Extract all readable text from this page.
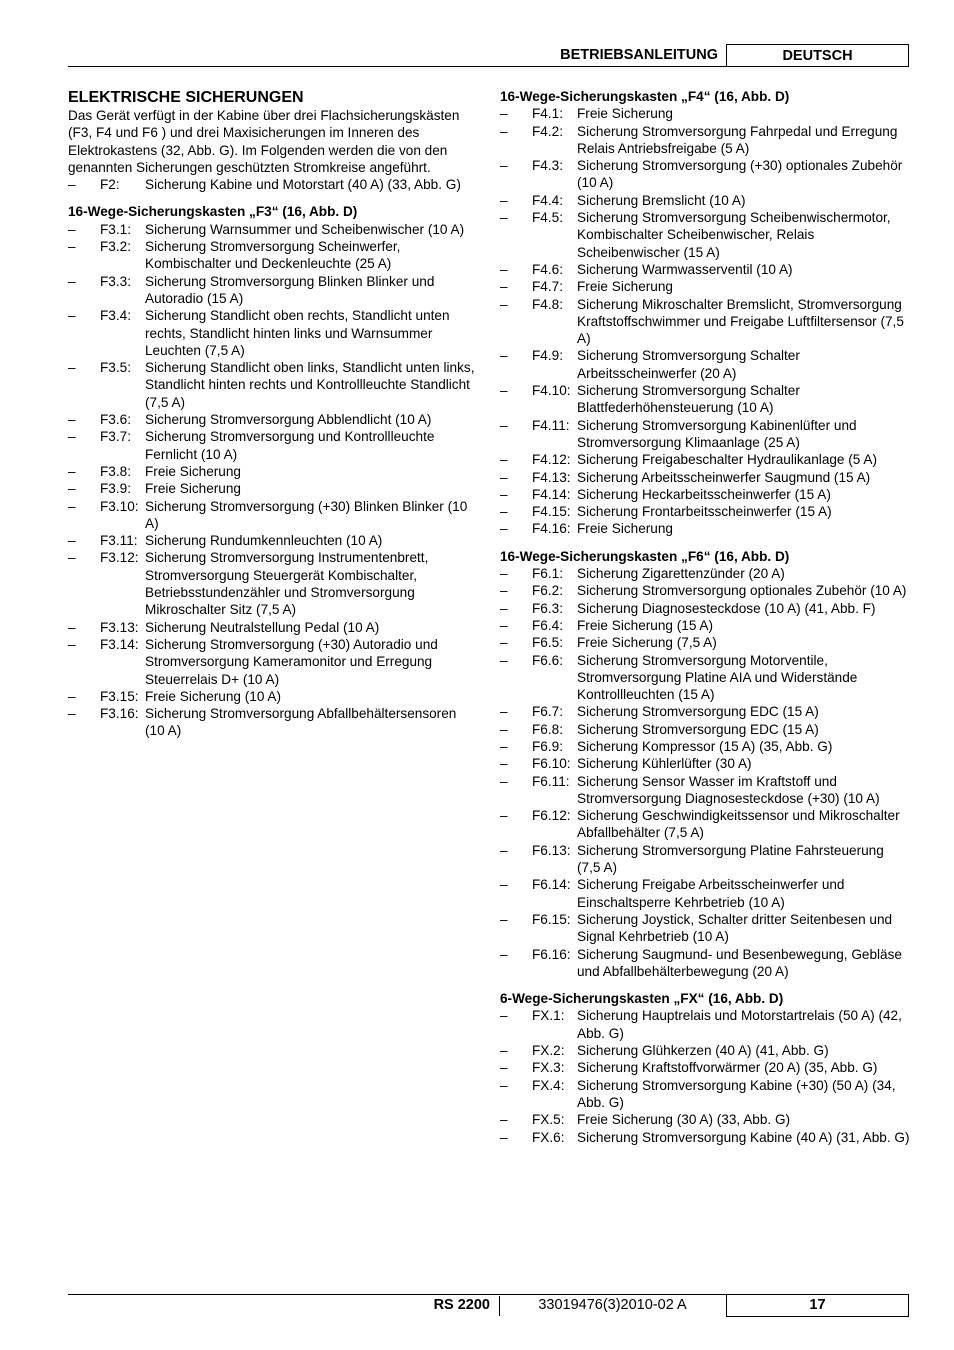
BETRIEBSANLEITUNG	DEUTSCH
ELEKTRISCHE SICHERUNGEN

Das Gerät verfügt in der Kabine über drei Flachsicherungskästen (F3, F4 und F6 ) und drei Maxisicherungen im Inneren des Elektrokastens (32, Abb. G). Im Folgenden werden die von den genannten Sicherungen geschützten Stromkreise angeführt.

– F2: Sicherung Kabine und Motorstart (40 A) (33, Abb. G)
16-Wege-Sicherungskasten „F3“ (16, Abb. D)
– F3.1: Sicherung Warnsummer und Scheibenwischer (10 A)
– F3.2: Sicherung Stromversorgung Scheinwerfer, Kombischalter und Deckenleuchte (25 A)
– F3.3: Sicherung Stromversorgung Blinken Blinker und Autoradio (15 A)
– F3.4: Sicherung Standlicht oben rechts, Standlicht unten rechts, Standlicht hinten links und Warnsummer Leuchten (7,5 A)
– F3.5: Sicherung Standlicht oben links, Standlicht unten links, Standlicht hinten rechts und Kontrollleuchte Standlicht (7,5 A)
– F3.6: Sicherung Stromversorgung Abblendlicht (10 A)
– F3.7: Sicherung Stromversorgung und Kontrollleuchte Fernlicht (10 A)
– F3.8: Freie Sicherung
– F3.9: Freie Sicherung
– F3.10: Sicherung Stromversorgung (+30) Blinken Blinker (10 A)
– F3.11: Sicherung Rundumkennleuchten (10 A)
– F3.12: Sicherung Stromversorgung Instrumentenbrett, Stromversorgung Steuergerät Kombischalter, Betriebsstundenzähler und Stromversorgung Mikroschalter Sitz (7,5 A)
– F3.13: Sicherung Neutralstellung Pedal (10 A)
– F3.14: Sicherung Stromversorgung (+30) Autoradio und Stromversorgung Kameramonitor und Erregung Steuerrelais D+ (10 A)
– F3.15: Freie Sicherung (10 A)
– F3.16: Sicherung Stromversorgung Abfallbehältersensoren (10 A)
16-Wege-Sicherungskasten „F4“ (16, Abb. D)
– F4.1: Freie Sicherung
– F4.2: Sicherung Stromversorgung Fahrpedal und Erregung Relais Antriebsfreigabe (5 A)
– F4.3: Sicherung Stromversorgung (+30) optionales Zubehör (10 A)
– F4.4: Sicherung Bremslicht (10 A)
– F4.5: Sicherung Stromversorgung Scheibenwischermotor, Kombischalter Scheibenwischer, Relais Scheibenwischer (15 A)
– F4.6: Sicherung Warmwasserventil (10 A)
– F4.7: Freie Sicherung
– F4.8: Sicherung Mikroschalter Bremslicht, Stromversorgung Kraftstoffschwimmer und Freigabe Luftfiltersensor (7,5 A)
– F4.9: Sicherung Stromversorgung Schalter Arbeitsscheinwerfer (20 A)
– F4.10: Sicherung Stromversorgung Schalter Blattfederhöhensteuerung (10 A)
– F4.11: Sicherung Stromversorgung Kabinenlüfter und Stromversorgung Klimaanlage (25 A)
– F4.12: Sicherung Freigabeschalter Hydraulikanlage (5 A)
– F4.13: Sicherung Arbeitsscheinwerfer Saugmund (15 A)
– F4.14: Sicherung Heckarbeitsscheinwerfer (15 A)
– F4.15: Sicherung Frontarbeitsscheinwerfer (15 A)
– F4.16: Freie Sicherung
16-Wege-Sicherungskasten „F6“ (16, Abb. D)
– F6.1: Sicherung Zigarettenzünder (20 A)
– F6.2: Sicherung Stromversorgung optionales Zubehör (10 A)
– F6.3: Sicherung Diagnosesteckdose (10 A) (41, Abb. F)
– F6.4: Freie Sicherung (15 A)
– F6.5: Freie Sicherung (7,5 A)
– F6.6: Sicherung Stromversorgung Motorventile, Stromversorgung Platine AIA und Widerstände Kontrollleuchten (15 A)
– F6.7: Sicherung Stromversorgung EDC (15 A)
– F6.8: Sicherung Stromversorgung EDC (15 A)
– F6.9: Sicherung Kompressor (15 A) (35, Abb. G)
– F6.10: Sicherung Kühlerlüfter (30 A)
– F6.11: Sicherung Sensor Wasser im Kraftstoff und Stromversorgung Diagnosesteckdose (+30) (10 A)
– F6.12: Sicherung Geschwindigkeitssensor und Mikroschalter Abfallbehälter (7,5 A)
– F6.13: Sicherung Stromversorgung Platine Fahrsteuerung (7,5 A)
– F6.14: Sicherung Freigabe Arbeitsscheinwerfer und Einschaltsperre Kehrbetrieb (10 A)
– F6.15: Sicherung Joystick, Schalter dritter Seitenbesen und Signal Kehrbetrieb (10 A)
– F6.16: Sicherung Saugmund- und Besenbewegung, Gebläse und Abfallbehälterbewegung (20 A)
6-Wege-Sicherungskasten „FX“ (16, Abb. D)
– FX.1: Sicherung Hauptrelais und Motorstartrelais (50 A) (42, Abb. G)
– FX.2: Sicherung Glühkerzen (40 A) (41, Abb. G)
– FX.3: Sicherung Kraftstoffvorwärmer (20 A) (35, Abb. G)
– FX.4: Sicherung Stromversorgung Kabine (+30) (50 A) (34, Abb. G)
– FX.5: Freie Sicherung (30 A) (33, Abb. G)
– FX.6: Sicherung Stromversorgung Kabine (40 A) (31, Abb. G)
RS 2200	33019476(3)2010-02 A	17
